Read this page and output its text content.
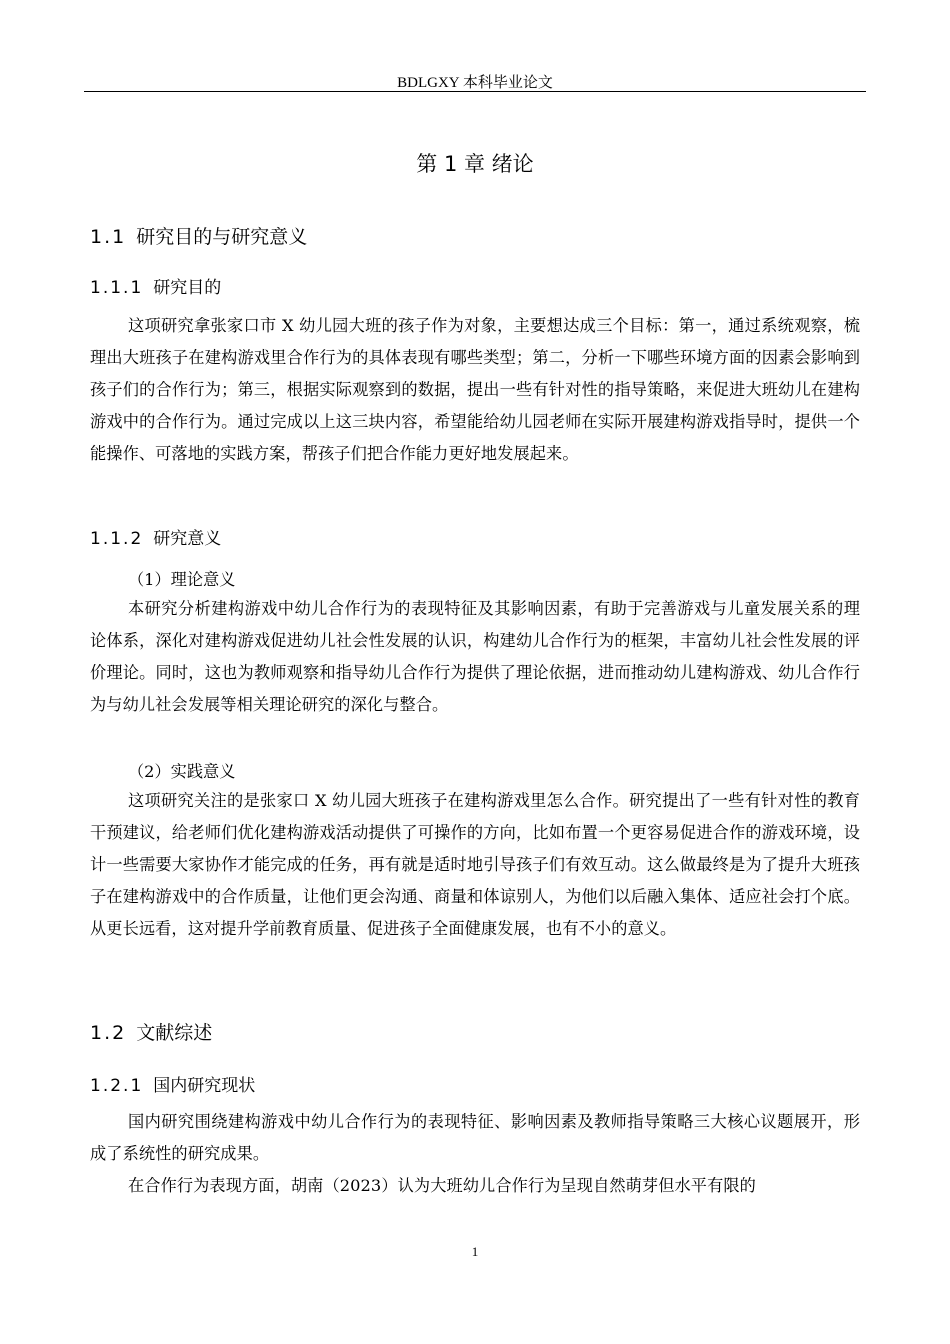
BDLGXY 本科毕业论文
第 1 章 绪论
1.1 研究目的与研究意义
1.1.1 研究目的
这项研究拿张家口市 X 幼儿园大班的孩子作为对象，主要想达成三个目标：第一，通过系统观察，梳理出大班孩子在建构游戏里合作行为的具体表现有哪些类型；第二，分析一下哪些环境方面的因素会影响到孩子们的合作行为；第三，根据实际观察到的数据，提出一些有针对性的指导策略，来促进大班幼儿在建构游戏中的合作行为。通过完成以上这三块内容，希望能给幼儿园老师在实际开展建构游戏指导时，提供一个能操作、可落地的实践方案，帮孩子们把合作能力更好地发展起来。
1.1.2 研究意义
（1）理论意义
本研究分析建构游戏中幼儿合作行为的表现特征及其影响因素，有助于完善游戏与儿童发展关系的理论体系，深化对建构游戏促进幼儿社会性发展的认识，构建幼儿合作行为的框架，丰富幼儿社会性发展的评价理论。同时，这也为教师观察和指导幼儿合作行为提供了理论依据，进而推动幼儿建构游戏、幼儿合作行为与幼儿社会发展等相关理论研究的深化与整合。
（2）实践意义
这项研究关注的是张家口 X 幼儿园大班孩子在建构游戏里怎么合作。研究提出了一些有针对性的教育干预建议，给老师们优化建构游戏活动提供了可操作的方向，比如布置一个更容易促进合作的游戏环境，设计一些需要大家协作才能完成的任务，再有就是适时地引导孩子们有效互动。这么做最终是为了提升大班孩子在建构游戏中的合作质量，让他们更会沟通、商量和体谅别人，为他们以后融入集体、适应社会打个底。从更长远看，这对提升学前教育质量、促进孩子全面健康发展，也有不小的意义。
1.2 文献综述
1.2.1 国内研究现状
国内研究围绕建构游戏中幼儿合作行为的表现特征、影响因素及教师指导策略三大核心议题展开，形成了系统性的研究成果。
在合作行为表现方面，胡南（2023）认为大班幼儿合作行为呈现自然萌芽但水平有限的
1
